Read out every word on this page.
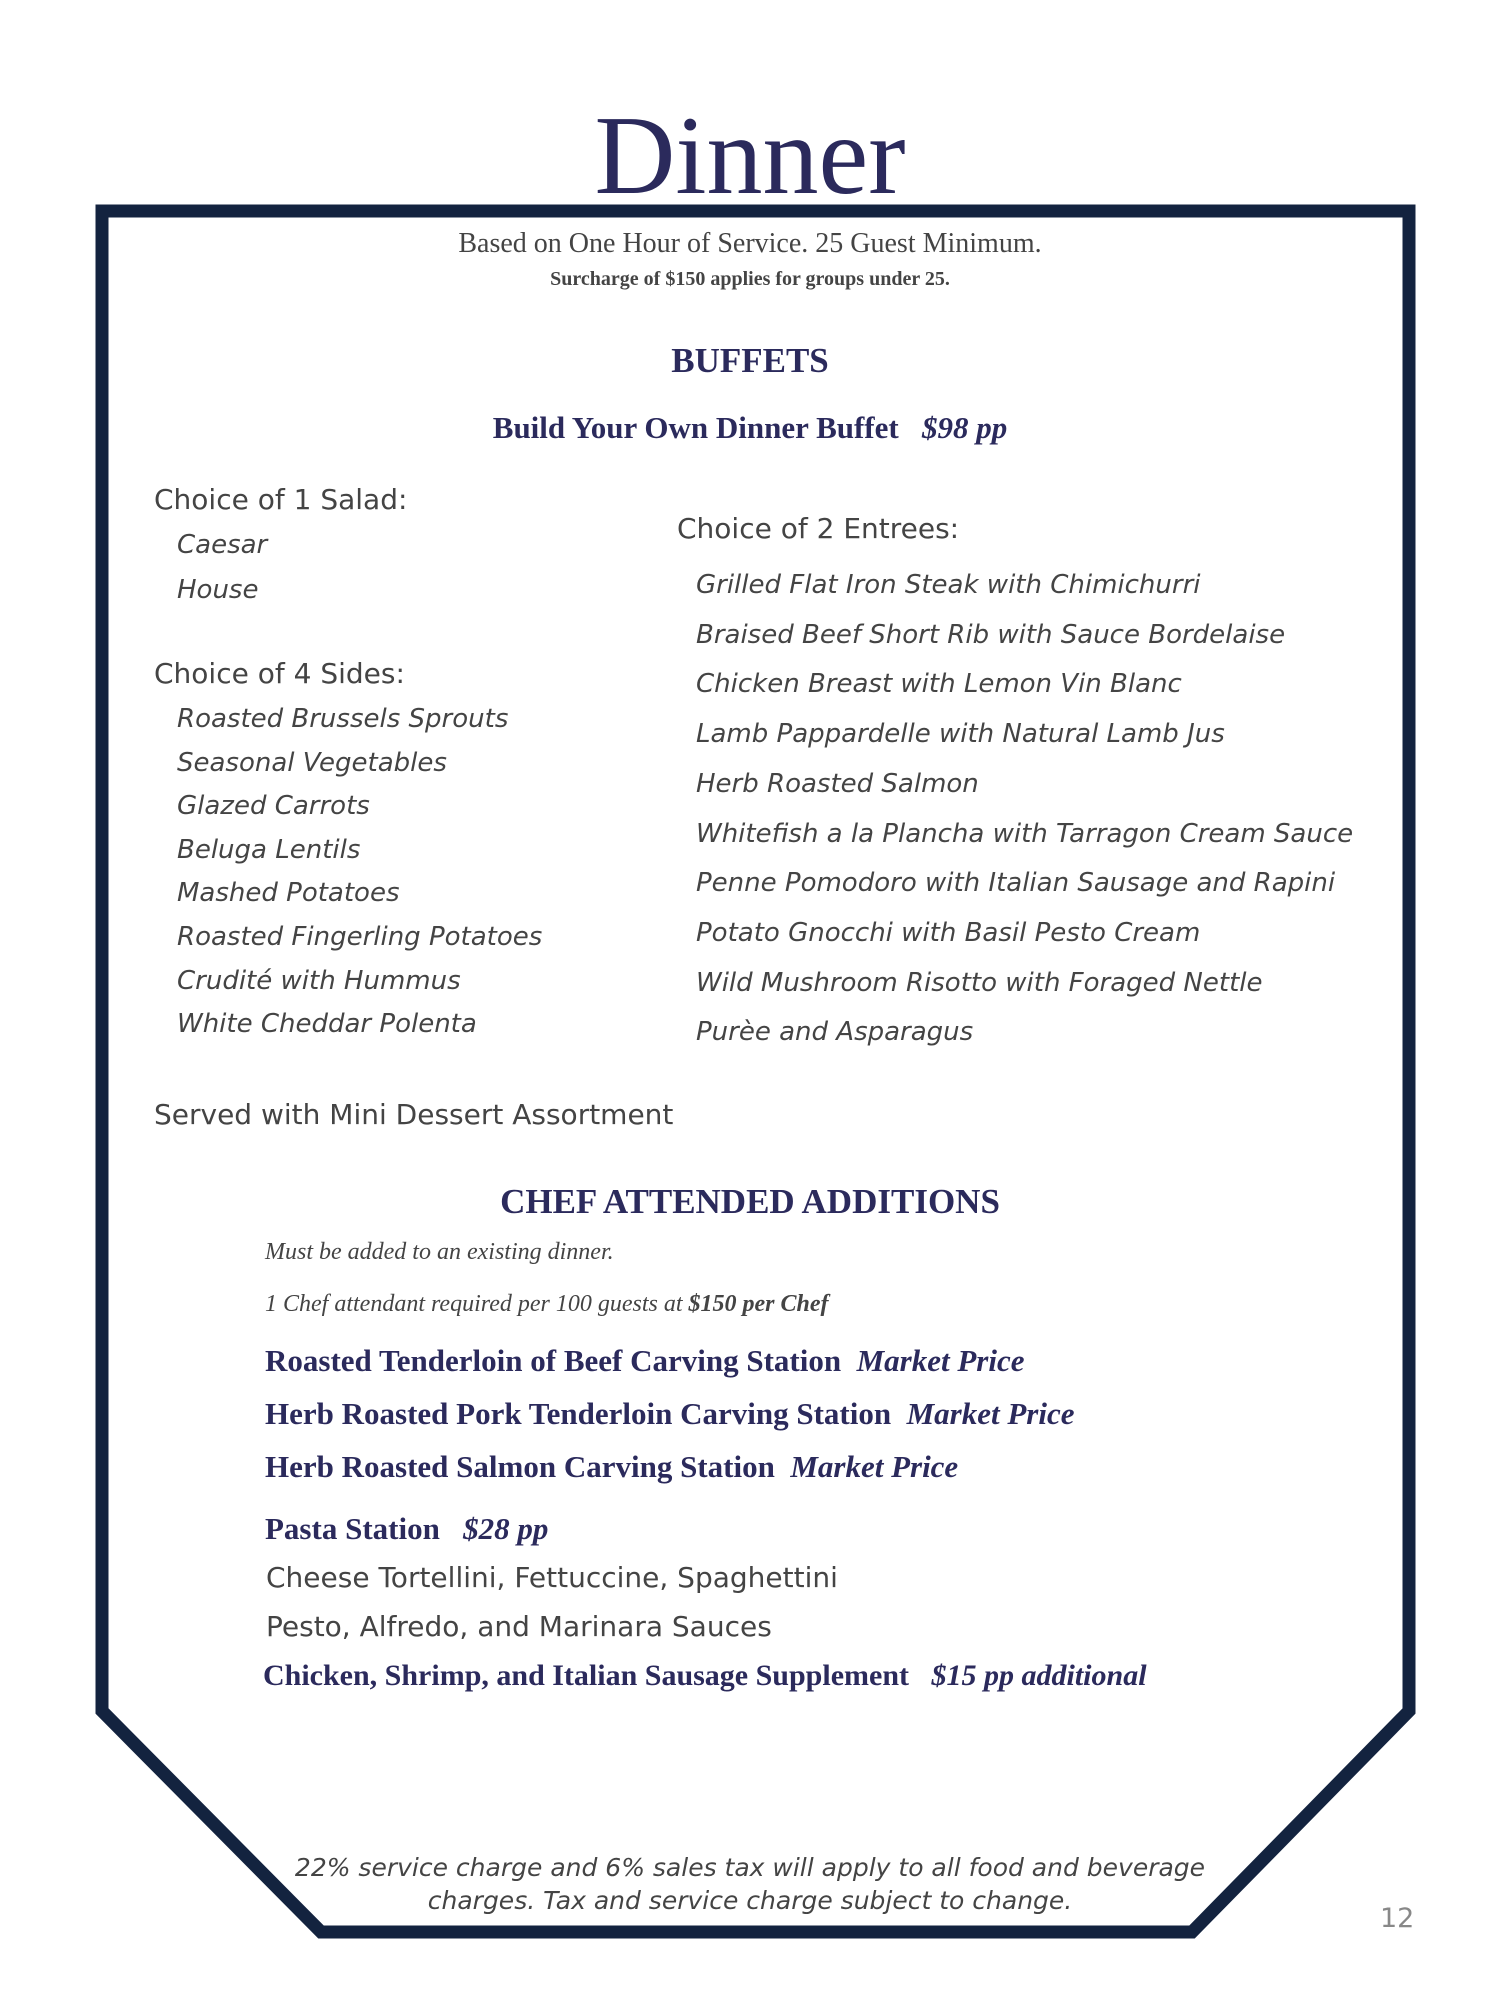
Dinner
Based on One Hour of Service. 25 Guest Minimum.
Surcharge of $150 applies for groups under 25.
BUFFETS
Build Your Own Dinner Buffet $98 pp
Choice of 1 Salad:
Caesar
House
Choice of 4 Sides:
Roasted Brussels Sprouts
Seasonal Vegetables
Glazed Carrots
Beluga Lentils
Mashed Potatoes
Roasted Fingerling Potatoes
Crudité with Hummus
White Cheddar Polenta
Choice of 2 Entrees:
Grilled Flat Iron Steak with Chimichurri
Braised Beef Short Rib with Sauce Bordelaise
Chicken Breast with Lemon Vin Blanc
Lamb Pappardelle with Natural Lamb Jus
Herb Roasted Salmon
Whitefish a la Plancha with Tarragon Cream Sauce
Penne Pomodoro with Italian Sausage and Rapini
Potato Gnocchi with Basil Pesto Cream
Wild Mushroom Risotto with Foraged Nettle
Purèe and Asparagus
Served with Mini Dessert Assortment
CHEF ATTENDED ADDITIONS
Must be added to an existing dinner.
1 Chef attendant required per 100 guests at $150 per Chef
Roasted Tenderloin of Beef Carving Station Market Price
Herb Roasted Pork Tenderloin Carving Station Market Price
Herb Roasted Salmon Carving Station Market Price
Pasta Station $28 pp
Cheese Tortellini, Fettuccine, Spaghettini
Pesto, Alfredo, and Marinara Sauces
Chicken, Shrimp, and Italian Sausage Supplement $15 pp additional
22% service charge and 6% sales tax will apply to all food and beverage
charges. Tax and service charge subject to change.
12
